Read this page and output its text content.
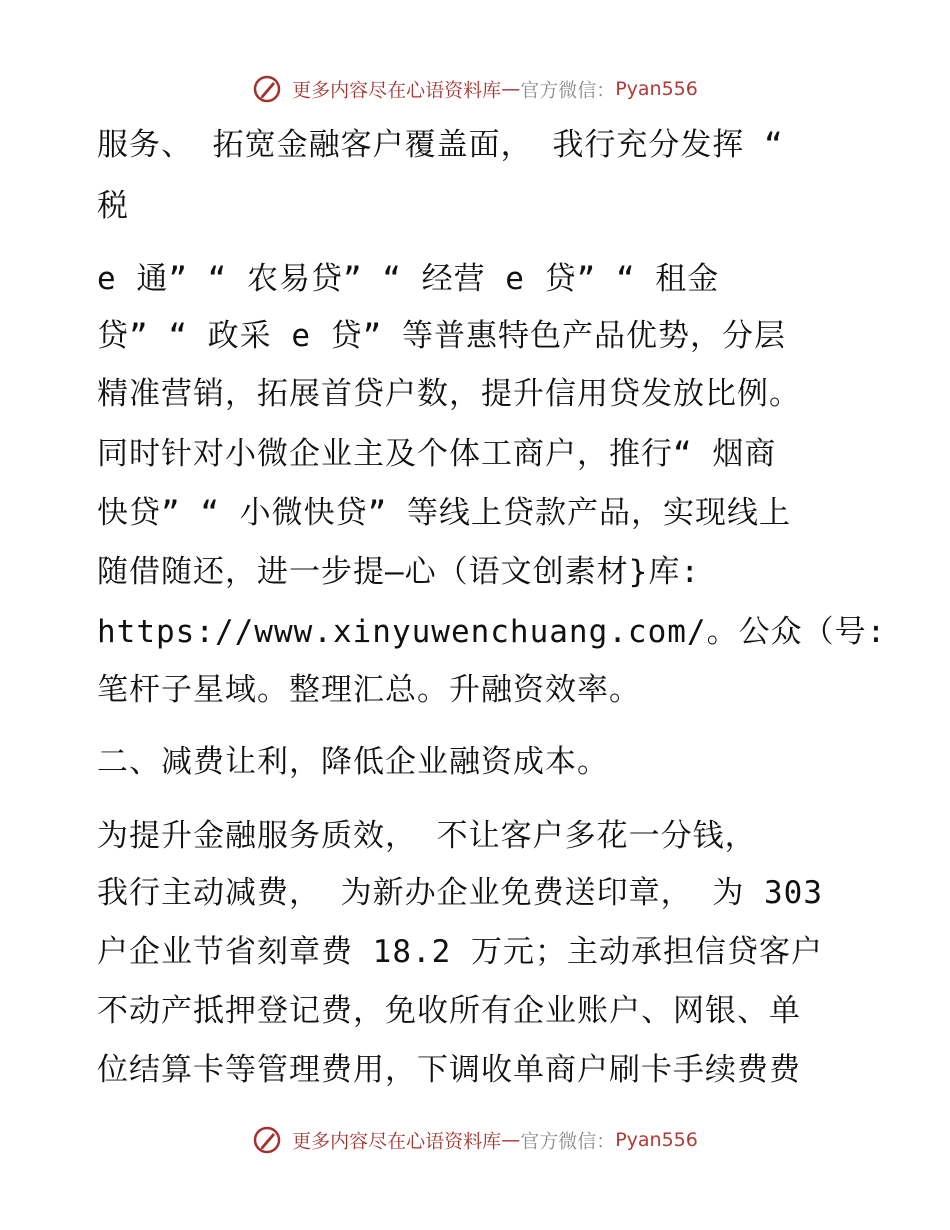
更多内容尽在心语资料库—官方微信：Pyan556
服务、 拓宽金融客户覆盖面， 我行充分发挥 “
税
e 通” “ 农易贷” “ 经营 e 贷” “ 租金
贷” “ 政采 e 贷” 等普惠特色产品优势，分层
精准营销，拓展首贷户数，提升信用贷发放比例。
同时针对小微企业主及个体工商户，推行“ 烟商
快贷” “ 小微快贷” 等线上贷款产品，实现线上
随借随还，进一步提—心（语文创素材}库:
https://www.xinyuwenchuang.com/。公众（号:
笔杆子星域。整理汇总。升融资效率。
二、减费让利，降低企业融资成本。
为提升金融服务质效， 不让客户多花一分钱，
我行主动减费， 为新办企业免费送印章， 为 303
户企业节省刻章费 18.2 万元；主动承担信贷客户
不动产抵押登记费，免收所有企业账户、网银、单
位结算卡等管理费用，下调收单商户刷卡手续费费
更多内容尽在心语资料库—官方微信：Pyan556
